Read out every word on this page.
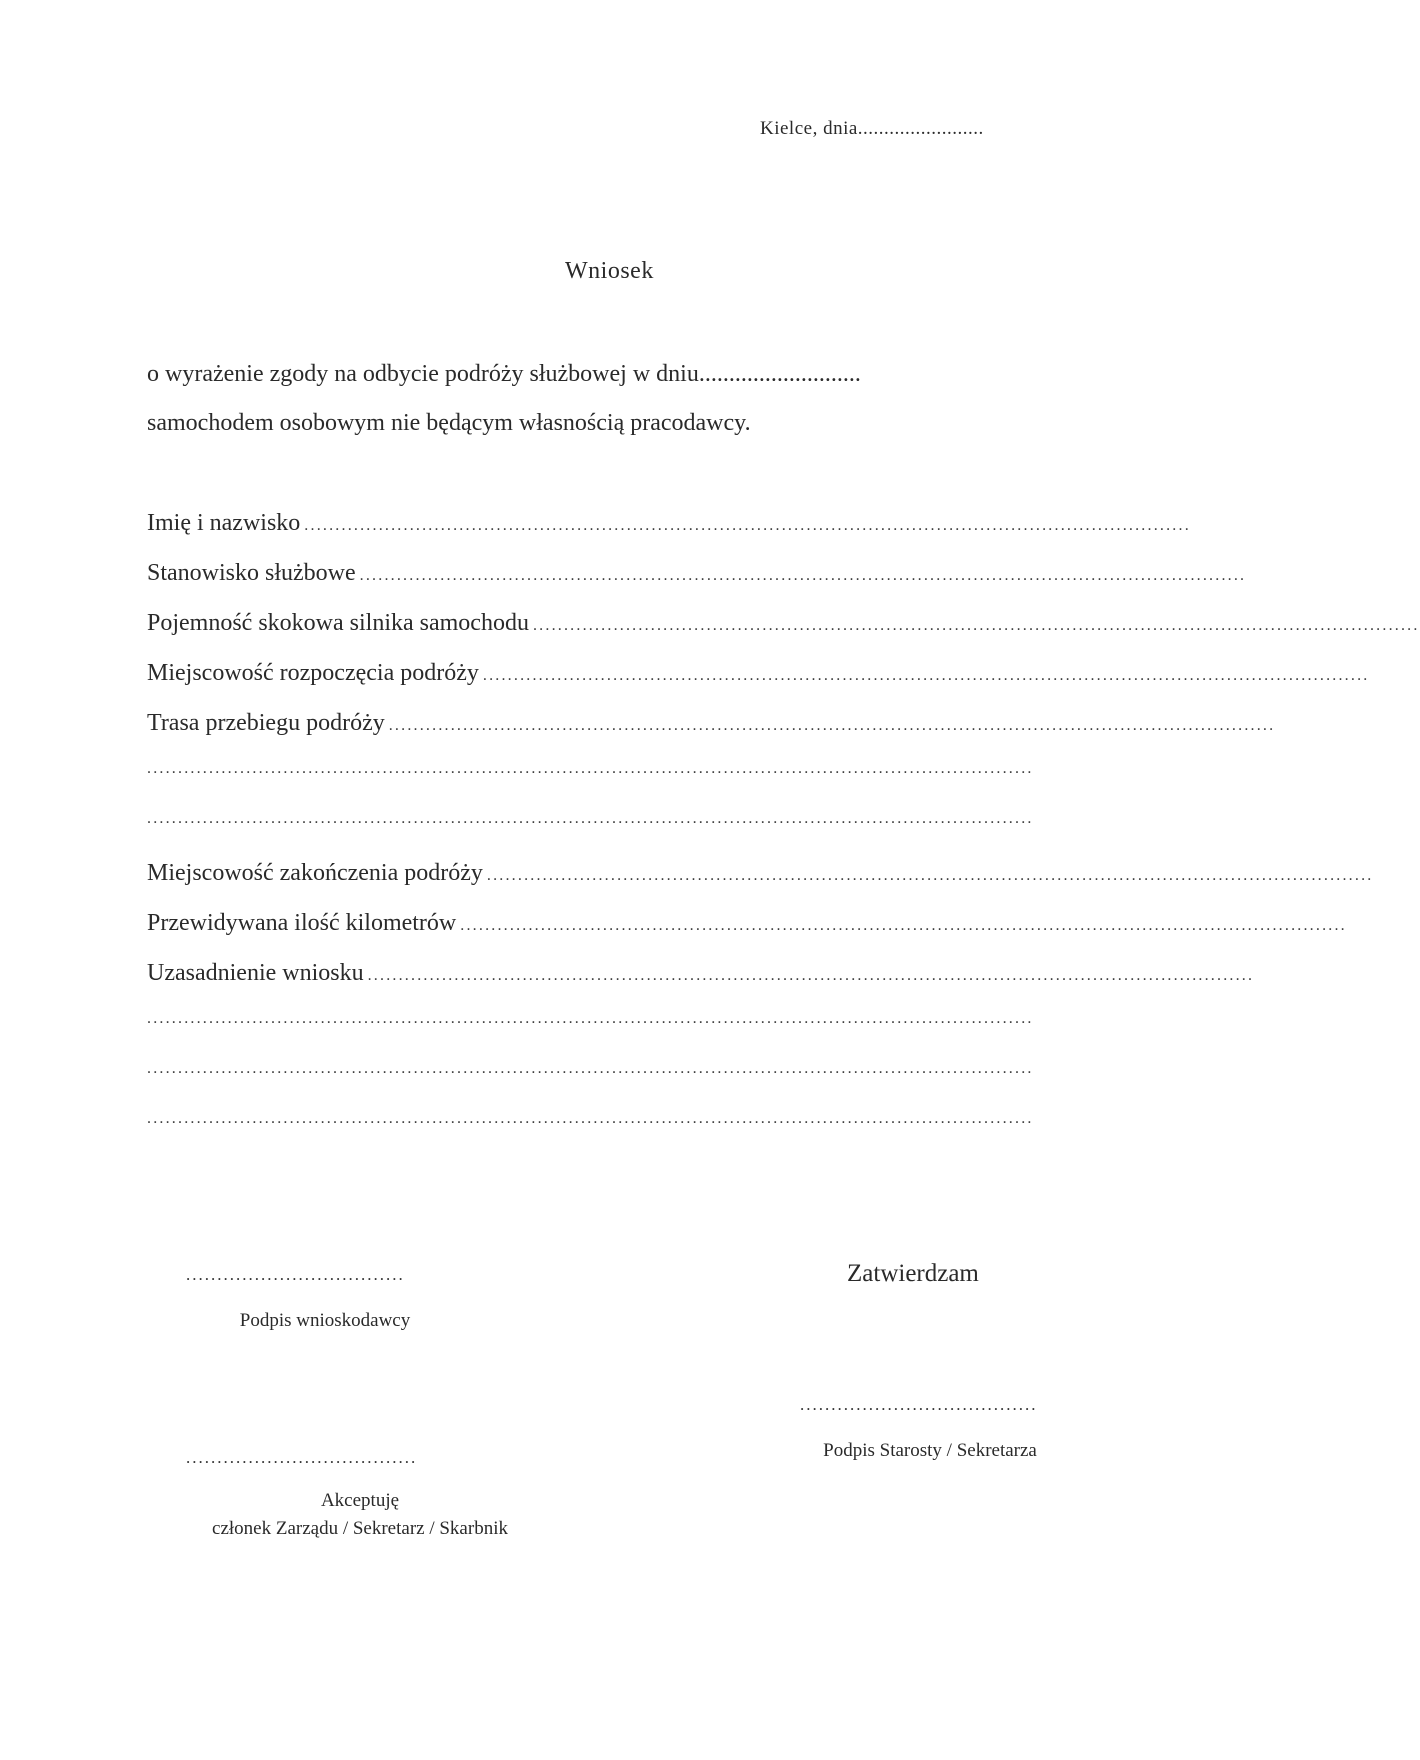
Kielce, dnia........................
Wniosek
o wyrażenie zgody na odbycie podróży służbowej w dniu...........................
samochodem osobowym nie będącym własnością pracodawcy.
Imię i nazwisko ...............................................................................................................................................
Stanowisko służbowe ...............................................................................................................................................
Pojemność skokowa silnika samochodu ...............................................................................................................................................
Miejscowość rozpoczęcia podróży ...............................................................................................................................................
Trasa przebiegu podróży ...............................................................................................................................................
...............................................................................................................................................
...............................................................................................................................................
Miejscowość zakończenia podróży ...............................................................................................................................................
Przewidywana ilość kilometrów ...............................................................................................................................................
Uzasadnienie wniosku ...............................................................................................................................................
...............................................................................................................................................
...............................................................................................................................................
...............................................................................................................................................
...................................
Podpis wnioskodawcy
Zatwierdzam
......................................
Podpis Starosty / Sekretarza
.....................................
Akceptuję
członek Zarządu / Sekretarz / Skarbnik
